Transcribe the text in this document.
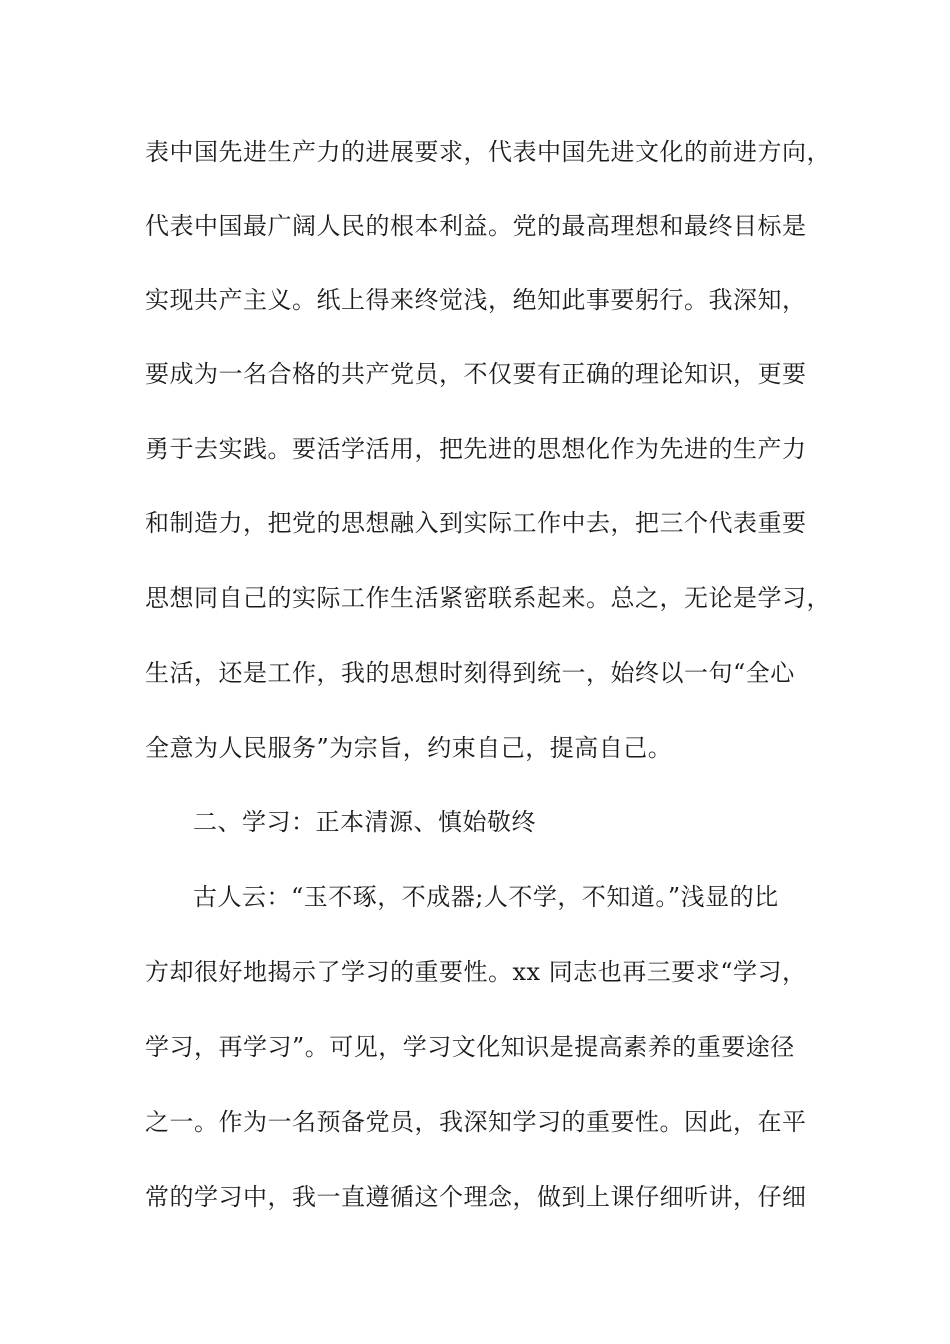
表中国先进生产力的进展要求，代表中国先进文化的前进方向，
代表中国最广阔人民的根本利益。党的最高理想和最终目标是
实现共产主义。纸上得来终觉浅，绝知此事要躬行。我深知，
要成为一名合格的共产党员，不仅要有正确的理论知识，更要
勇于去实践。要活学活用，把先进的思想化作为先进的生产力
和制造力，把党的思想融入到实际工作中去，把三个代表重要
思想同自己的实际工作生活紧密联系起来。总之，无论是学习，
生活，还是工作，我的思想时刻得到统一，始终以一句“全心
全意为人民服务”为宗旨，约束自己，提高自己。
二、学习：正本清源、慎始敬终
古人云：“玉不琢，不成器;人不学，不知道。”浅显的比
方却很好地揭示了学习的重要性。xx 同志也再三要求“学习，
学习，再学习”。可见，学习文化知识是提高素养的重要途径
之一。作为一名预备党员，我深知学习的重要性。因此，在平
常的学习中，我一直遵循这个理念，做到上课仔细听讲，仔细
